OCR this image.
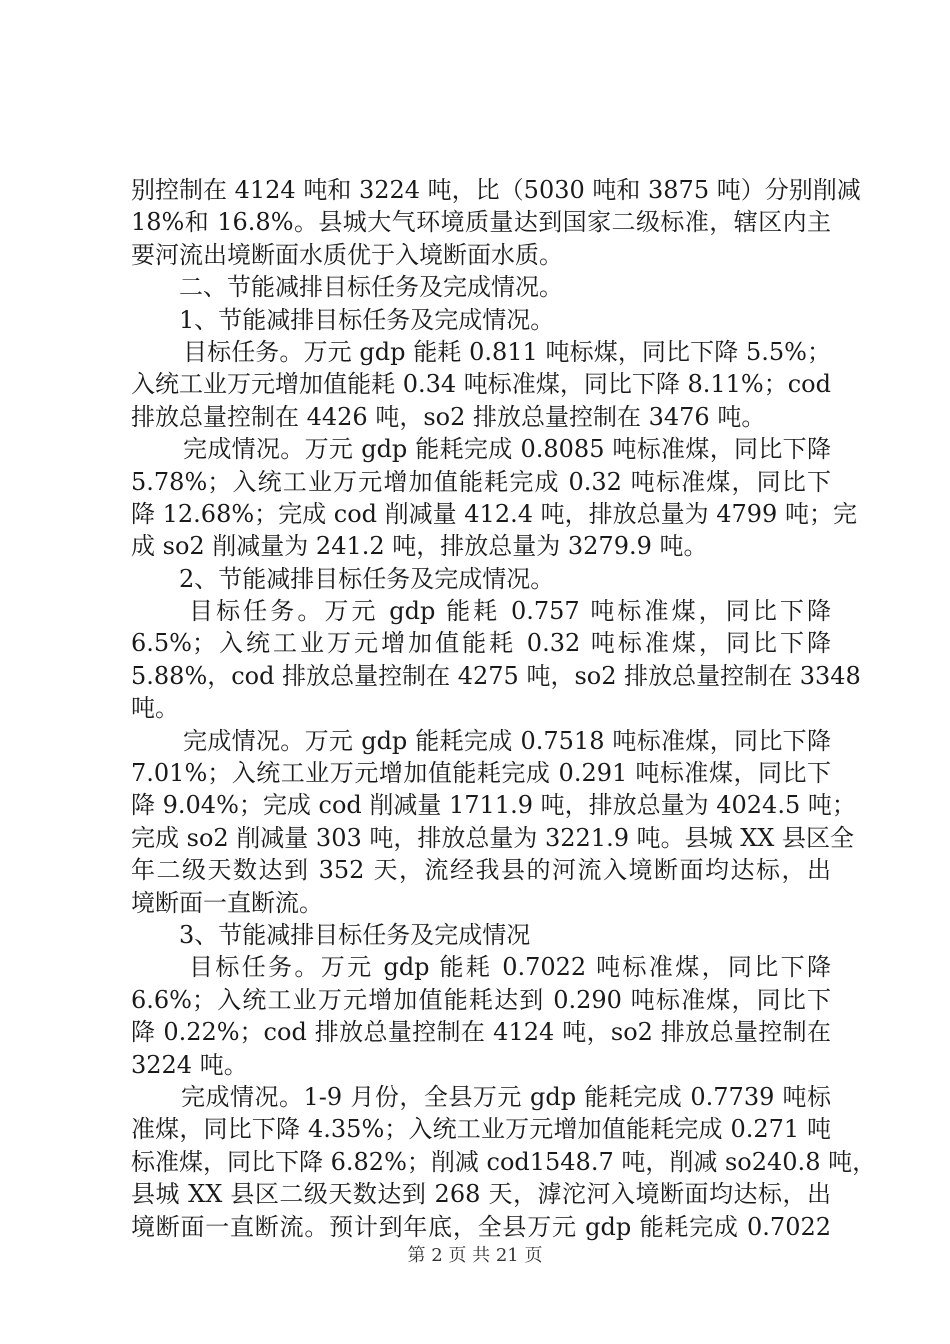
别控制在 4124 吨和 3224 吨，比（5030 吨和 3875 吨）分别削减
18%和 16.8%。县城大气环境质量达到国家二级标准，辖区内主
要河流出境断面水质优于入境断面水质。
二、节能减排目标任务及完成情况。
1、节能减排目标任务及完成情况。
目标任务。万元 gdp 能耗 0.811 吨标煤，同比下降 5.5%；
入统工业万元增加值能耗 0.34 吨标准煤，同比下降 8.11%；cod
排放总量控制在 4426 吨，so2 排放总量控制在 3476 吨。
完成情况。万元 gdp 能耗完成 0.8085 吨标准煤，同比下降
5.78%；入统工业万元增加值能耗完成 0.32 吨标准煤，同比下
降 12.68%；完成 cod 削减量 412.4 吨，排放总量为 4799 吨；完
成 so2 削减量为 241.2 吨，排放总量为 3279.9 吨。
2、节能减排目标任务及完成情况。
目标任务。万元 gdp 能耗 0.757 吨标准煤，同比下降
6.5%；入统工业万元增加值能耗 0.32 吨标准煤，同比下降
5.88%，cod 排放总量控制在 4275 吨，so2 排放总量控制在 3348
吨。
完成情况。万元 gdp 能耗完成 0.7518 吨标准煤，同比下降
7.01%；入统工业万元增加值能耗完成 0.291 吨标准煤，同比下
降 9.04%；完成 cod 削减量 1711.9 吨，排放总量为 4024.5 吨；
完成 so2 削减量 303 吨，排放总量为 3221.9 吨。县城 XX 县区全
年二级天数达到 352 天，流经我县的河流入境断面均达标，出
境断面一直断流。
3、节能减排目标任务及完成情况
目标任务。万元 gdp 能耗 0.7022 吨标准煤，同比下降
6.6%；入统工业万元增加值能耗达到 0.290 吨标准煤，同比下
降 0.22%；cod 排放总量控制在 4124 吨，so2 排放总量控制在
3224 吨。
完成情况。1-9 月份，全县万元 gdp 能耗完成 0.7739 吨标
准煤，同比下降 4.35%；入统工业万元增加值能耗完成 0.271 吨
标准煤，同比下降 6.82%；削减 cod1548.7 吨，削减 so240.8 吨，
县城 XX 县区二级天数达到 268 天，滹沱河入境断面均达标，出
境断面一直断流。预计到年底，全县万元 gdp 能耗完成 0.7022
第 2 页 共 21 页
